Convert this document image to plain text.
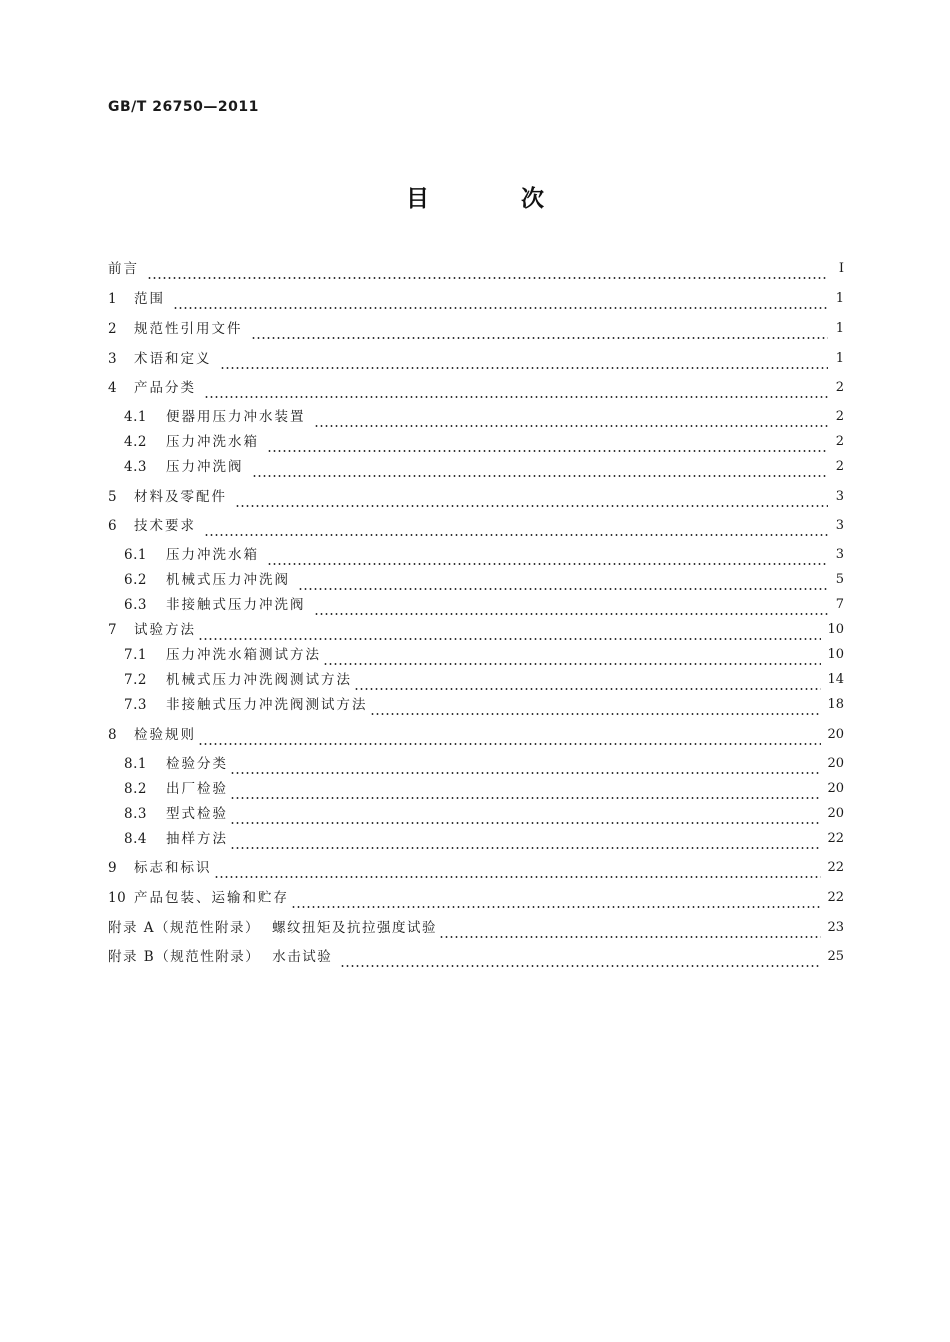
GB/T 26750—2011
目 次
前言	Ⅰ
1	范围	1
2	规范性引用文件	1
3	术语和定义	1
4	产品分类	2
4.1	便器用压力冲水装置	2
4.2	压力冲洗水箱	2
4.3	压力冲洗阀	2
5	材料及零配件	3
6	技术要求	3
6.1	压力冲洗水箱	3
6.2	机械式压力冲洗阀	5
6.3	非接触式压力冲洗阀	7
7	试验方法	10
7.1	压力冲洗水箱测试方法	10
7.2	机械式压力冲洗阀测试方法	14
7.3	非接触式压力冲洗阀测试方法	18
8	检验规则	20
8.1	检验分类	20
8.2	出厂检验	20
8.3	型式检验	20
8.4	抽样方法	22
9	标志和标识	22
10 产品包装、运输和贮存	22
附录 A（规范性附录） 螺纹扭矩及抗拉强度试验	23
附录 B（规范性附录） 水击试验	25
